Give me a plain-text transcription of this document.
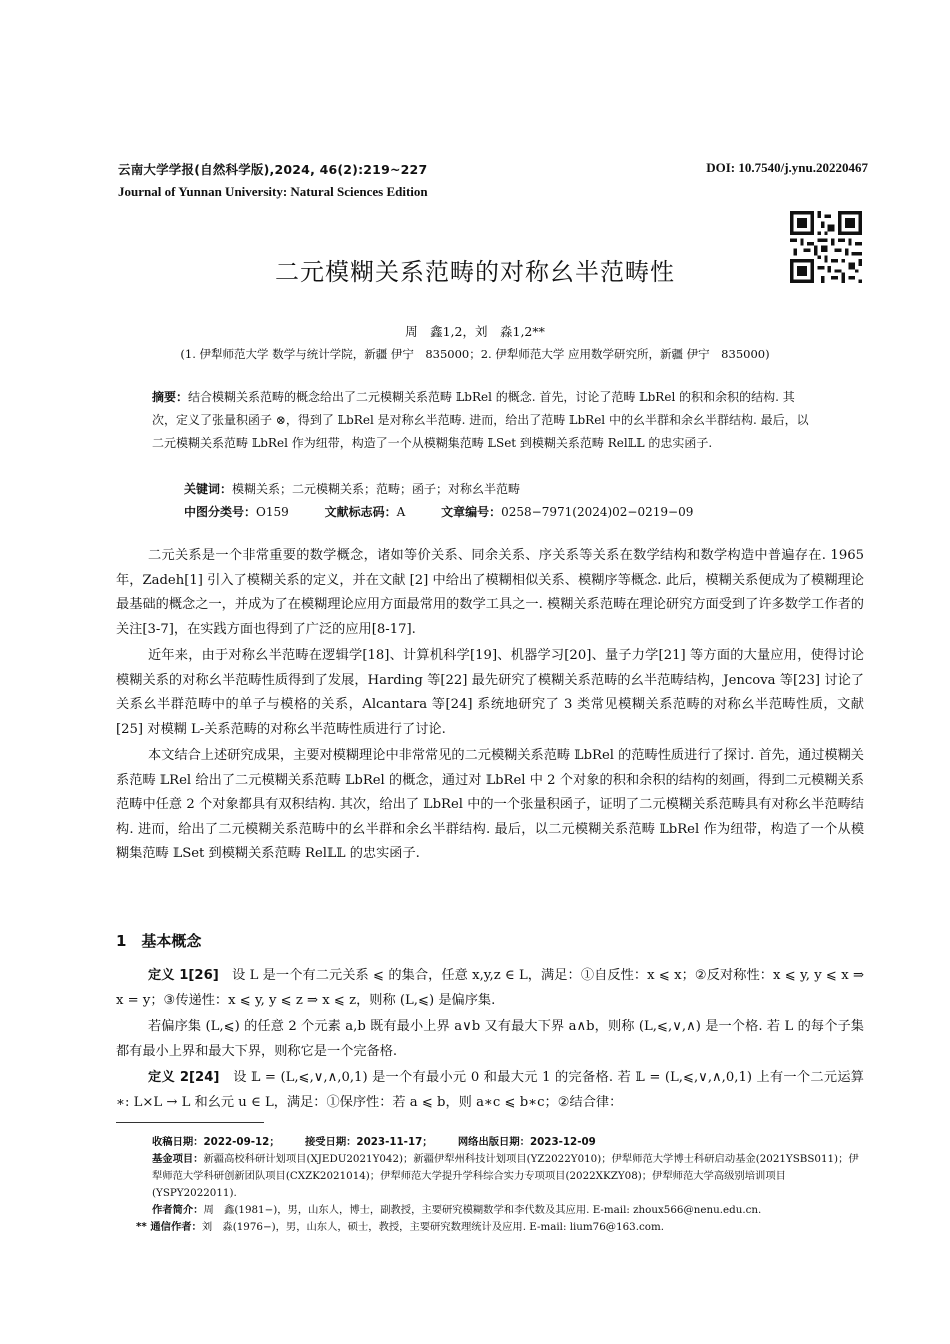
云南大学学报(自然科学版),2024, 46(2):219~227
Journal of Yunnan University: Natural Sciences Edition
DOI: 10.7540/j.ynu.20220467
二元模糊关系范畴的对称幺半范畴性
周　鑫1,2，刘　淼1,2**
(1. 伊犁师范大学 数学与统计学院，新疆 伊宁　835000；2. 伊犁师范大学 应用数学研究所，新疆 伊宁　835000)
摘要：结合模糊关系范畴的概念给出了二元模糊关系范畴 𝕃bRel 的概念. 首先，讨论了范畴 𝕃bRel 的积和余积的结构. 其次，定义了张量积函子 ⊗，得到了 𝕃bRel 是对称幺半范畴. 进而，给出了范畴 𝕃bRel 中的幺半群和余幺半群结构. 最后，以二元模糊关系范畴 𝕃bRel 作为纽带，构造了一个从模糊集范畴 𝕃Set 到模糊关系范畴 Rel𝕃𝕃 的忠实函子.
关键词：模糊关系；二元模糊关系；范畴；函子；对称幺半范畴
中图分类号：O159	文献标志码：A	文章编号：0258−7971(2024)02−0219−09

二元关系是一个非常重要的数学概念，诸如等价关系、同余关系、序关系等关系在数学结构和数学构造中普遍存在. 1965 年，Zadeh[1] 引入了模糊关系的定义，并在文献 [2] 中给出了模糊相似关系、模糊序等概念. 此后，模糊关系便成为了模糊理论最基础的概念之一，并成为了在模糊理论应用方面最常用的数学工具之一. 模糊关系范畴在理论研究方面受到了许多数学工作者的关注[3-7]，在实践方面也得到了广泛的应用[8-17].

近年来，由于对称幺半范畴在逻辑学[18]、计算机科学[19]、机器学习[20]、量子力学[21] 等方面的大量应用，使得讨论模糊关系的对称幺半范畴性质得到了发展，Harding 等[22] 最先研究了模糊关系范畴的幺半范畴结构，Jencova 等[23] 讨论了关系幺半群范畴中的单子与模格的关系，Alcantara 等[24] 系统地研究了 3 类常见模糊关系范畴的对称幺半范畴性质，文献 [25] 对模糊 L-关系范畴的对称幺半范畴性质进行了讨论.

本文结合上述研究成果，主要对模糊理论中非常常见的二元模糊关系范畴 𝕃bRel 的范畴性质进行了探讨. 首先，通过模糊关系范畴 𝕃Rel 给出了二元模糊关系范畴 𝕃bRel 的概念，通过对 𝕃bRel 中 2 个对象的积和余积的结构的刻画，得到二元模糊关系范畴中任意 2 个对象都具有双积结构. 其次，给出了 𝕃bRel 中的一个张量积函子，证明了二元模糊关系范畴具有对称幺半范畴结构. 进而，给出了二元模糊关系范畴中的幺半群和余幺半群结构. 最后，以二元模糊关系范畴 𝕃bRel 作为纽带，构造了一个从模糊集范畴 𝕃Set 到模糊关系范畴 Rel𝕃𝕃 的忠实函子.

1　基本概念

定义 1[26]　 设 L 是一个有二元关系 ⩽ 的集合，任意 x,y,z ∈ L，满足：①自反性：x ⩽ x；②反对称性：x ⩽ y, y ⩽ x ⇒ x = y；③传递性：x ⩽ y, y ⩽ z ⇒ x ⩽ z，则称 (L,⩽) 是偏序集.

若偏序集 (L,⩽) 的任意 2 个元素 a,b 既有最小上界 a∨b 又有最大下界 a∧b，则称 (L,⩽,∨,∧) 是一个格. 若 L 的每个子集都有最小上界和最大下界，则称它是一个完备格.

定义 2[24]　 设 𝕃 = (L,⩽,∨,∧,0,1) 是一个有最小元 0 和最大元 1 的完备格. 若 𝕃 = (L,⩽,∨,∧,0,1) 上有一个二元运算 ∗: L×L → L 和幺元 u ∈ L，满足：①保序性：若 a ⩽ b，则 a∗c ⩽ b∗c；②结合律：

收稿日期：2022-09-12； 接受日期：2023-11-17； 网络出版日期：2023-12-09
基金项目：新疆高校科研计划项目(XJEDU2021Y042)；新疆伊犁州科技计划项目(YZ2022Y010)；伊犁师范大学博士科研启动基金(2021YSBS011)；伊犁师范大学科研创新团队项目(CXZK2021014)；伊犁师范大学提升学科综合实力专项项目(2022XKZY08)；伊犁师范大学高级别培训项目(YSPY2022011).
作者简介：周　鑫(1981−)，男，山东人，博士，副教授，主要研究模糊数学和李代数及其应用. E-mail: zhoux566@nenu.edu.cn.
** 通信作者：刘　淼(1976−)，男，山东人，硕士，教授，主要研究数理统计及应用. E-mail: lium76@163.com.
